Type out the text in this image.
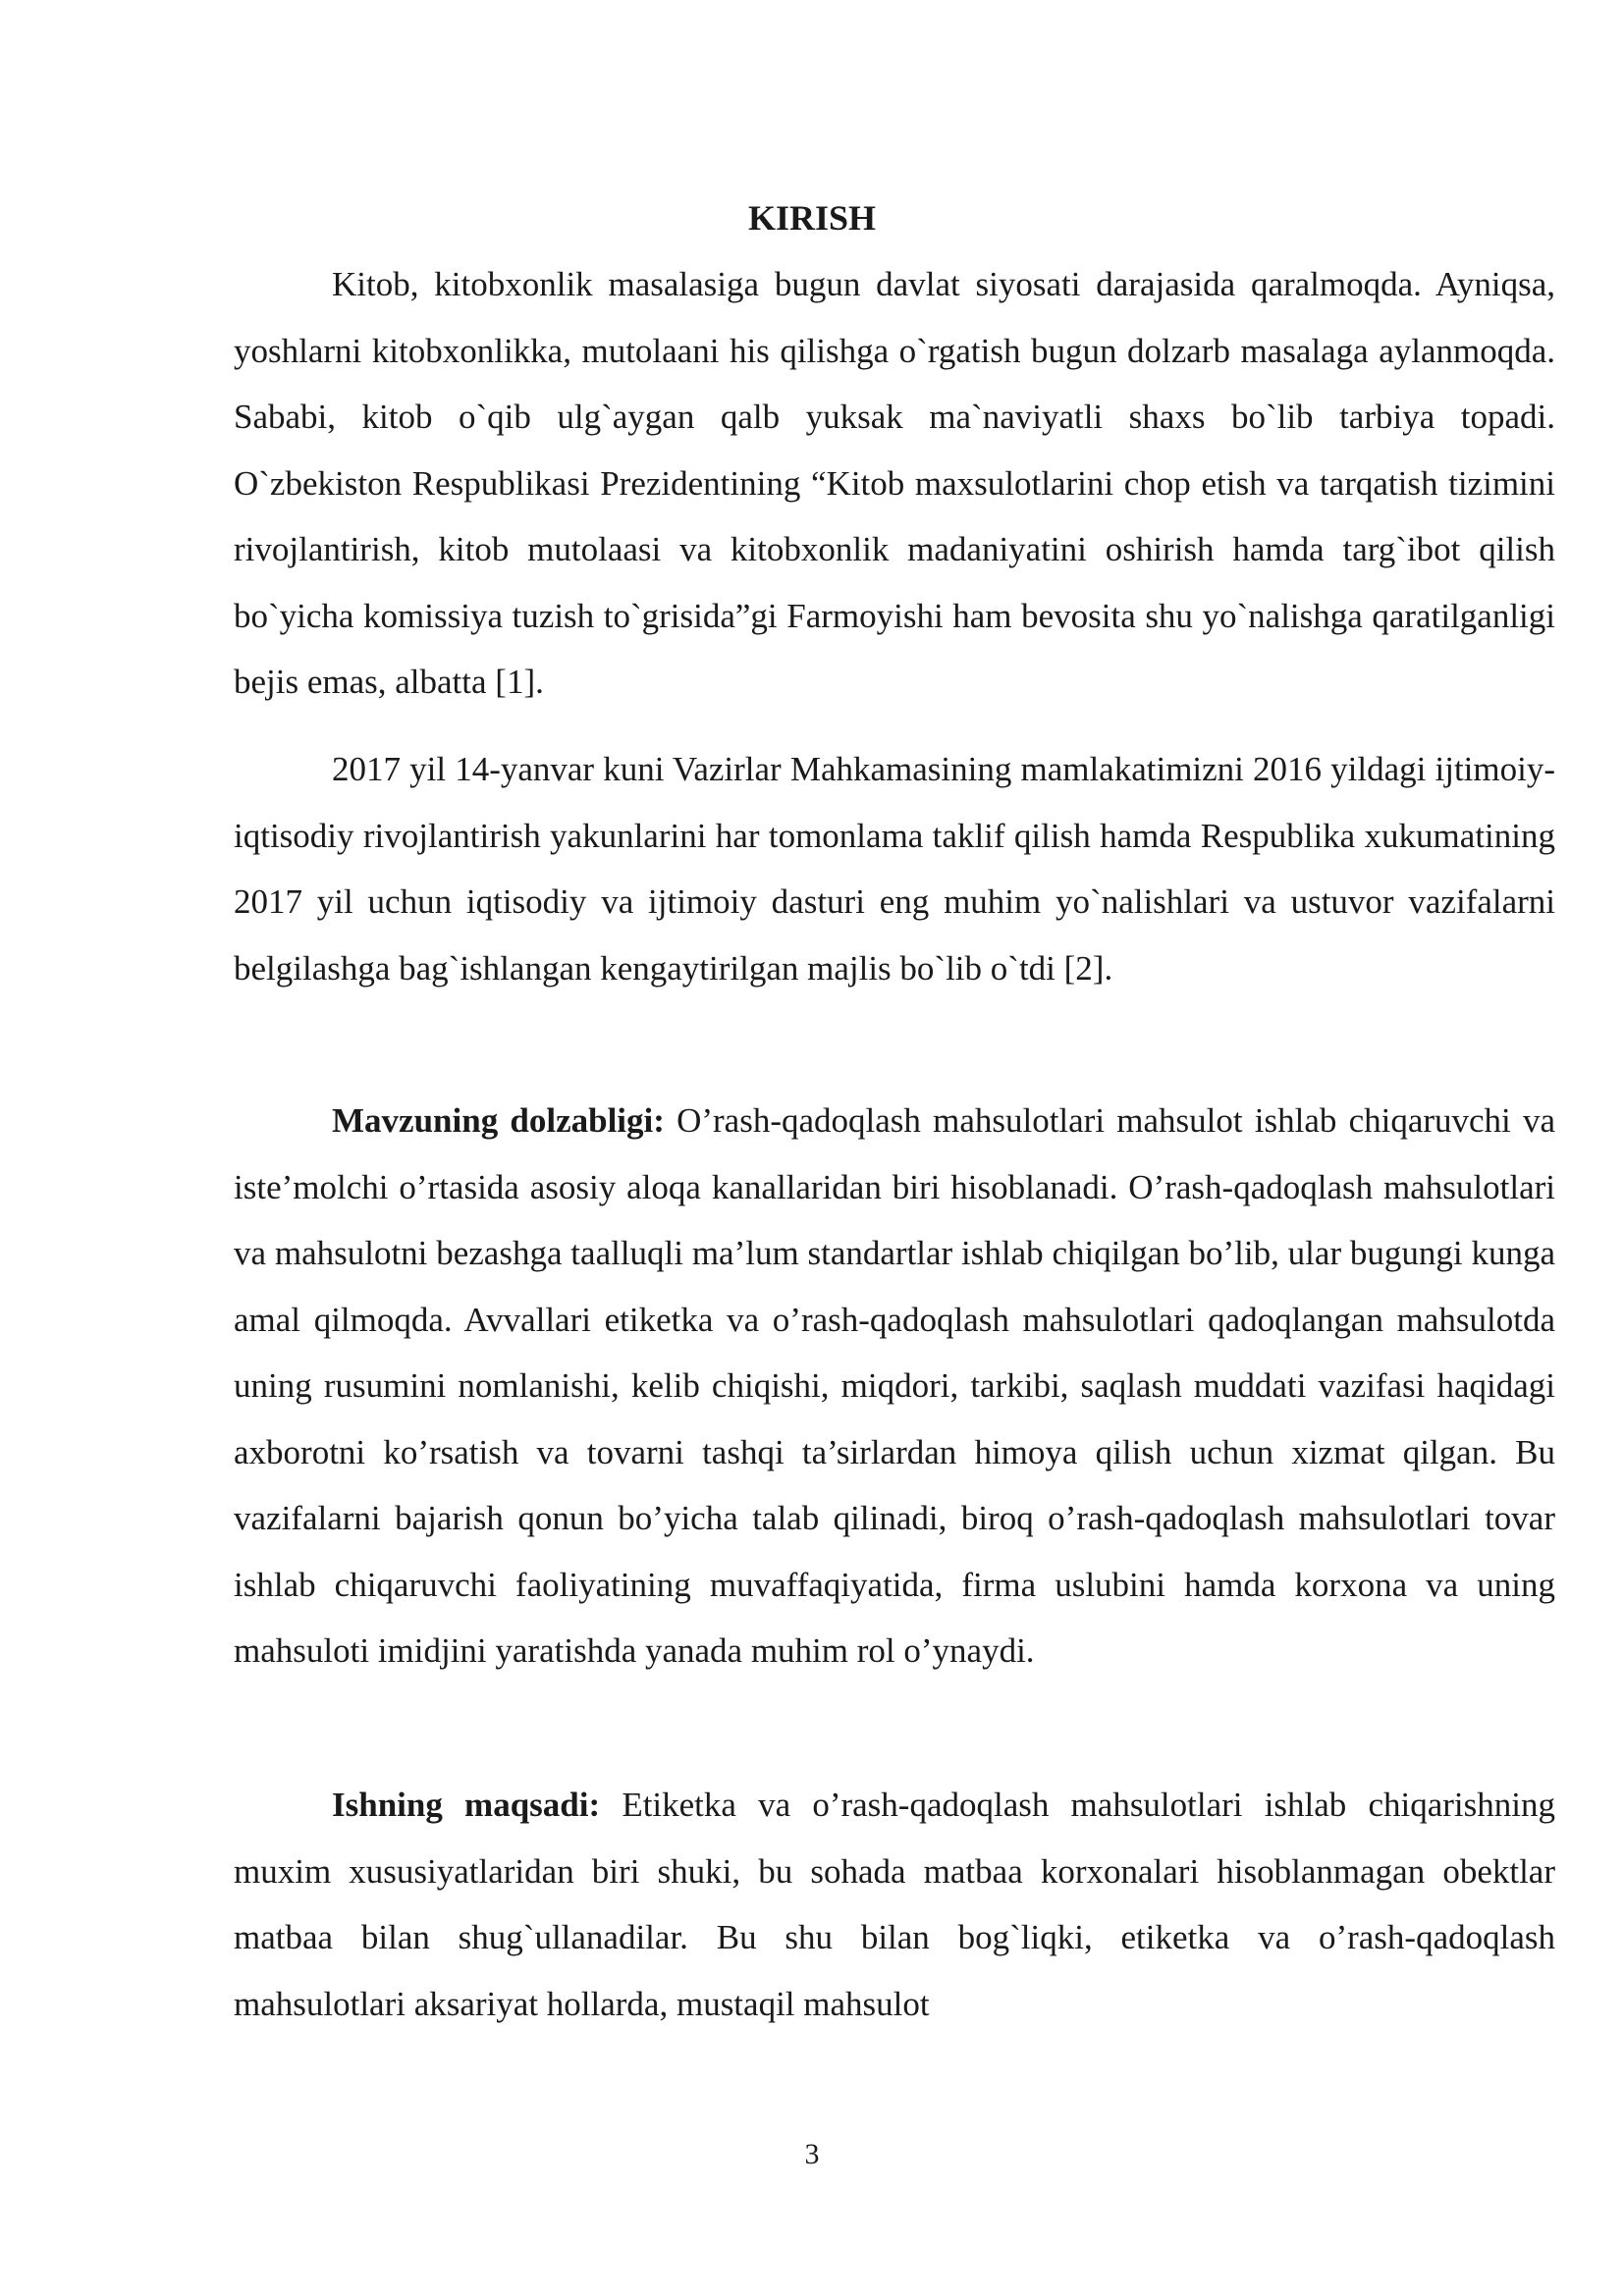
KIRISH

Kitob, kitobxonlik masalasiga bugun davlat siyosati darajasida qaralmoqda. Ayniqsa, yoshlarni kitobxonlikka, mutolaani his qilishga o`rgatish bugun dolzarb masalaga aylanmoqda. Sababi, kitob o`qib ulg`aygan qalb yuksak ma`naviyatli shaxs bo`lib tarbiya topadi. O`zbekiston Respublikasi Prezidentining “Kitob maxsulotlarini chop etish va tarqatish tizimini rivojlantirish, kitob mutolaasi va kitobxonlik madaniyatini oshirish hamda targ`ibot qilish bo`yicha komissiya tuzish to`grisida”gi Farmoyishi ham bevosita shu yo`nalishga qaratilganligi bejis emas, albatta [1].

2017 yil 14-yanvar kuni Vazirlar Mahkamasining mamlakatimizni 2016 yildagi ijtimoiy-iqtisodiy rivojlantirish yakunlarini har tomonlama taklif qilish hamda Respublika xukumatining 2017 yil uchun iqtisodiy va ijtimoiy dasturi eng muhim yo`nalishlari va ustuvor vazifalarni belgilashga bag`ishlangan kengaytirilgan majlis bo`lib o`tdi [2].

Mavzuning dolzabligi: O’rash-qadoqlash mahsulotlari mahsulot ishlab chiqaruvchi va iste’molchi o’rtasida asosiy aloqa kanallaridan biri hisoblanadi. O’rash-qadoqlash mahsulotlari va mahsulotni bezashga taalluqli ma’lum standartlar ishlab chiqilgan bo’lib, ular bugungi kunga amal qilmoqda. Avvallari etiketka va o’rash-qadoqlash mahsulotlari qadoqlangan mahsulotda uning rusumini nomlanishi, kelib chiqishi, miqdori, tarkibi, saqlash muddati vazifasi haqidagi axborotni ko’rsatish va tovarni tashqi ta’sirlardan himoya qilish uchun xizmat qilgan. Bu vazifalarni bajarish qonun bo’yicha talab qilinadi, biroq o’rash-qadoqlash mahsulotlari tovar ishlab chiqaruvchi faoliyatining muvaffaqiyatida, firma uslubini hamda korxona va uning mahsuloti imidjini yaratishda yanada muhim rol o’ynaydi.

Ishning maqsadi: Etiketka va o’rash-qadoqlash mahsulotlari ishlab chiqarishning muxim xususiyatlaridan biri shuki, bu sohada matbaa korxonalari hisoblanmagan obektlar matbaa bilan shug`ullanadilar. Bu shu bilan bog`liqki, etiketka va o’rash-qadoqlash mahsulotlari aksariyat hollarda, mustaqil mahsulot

3
